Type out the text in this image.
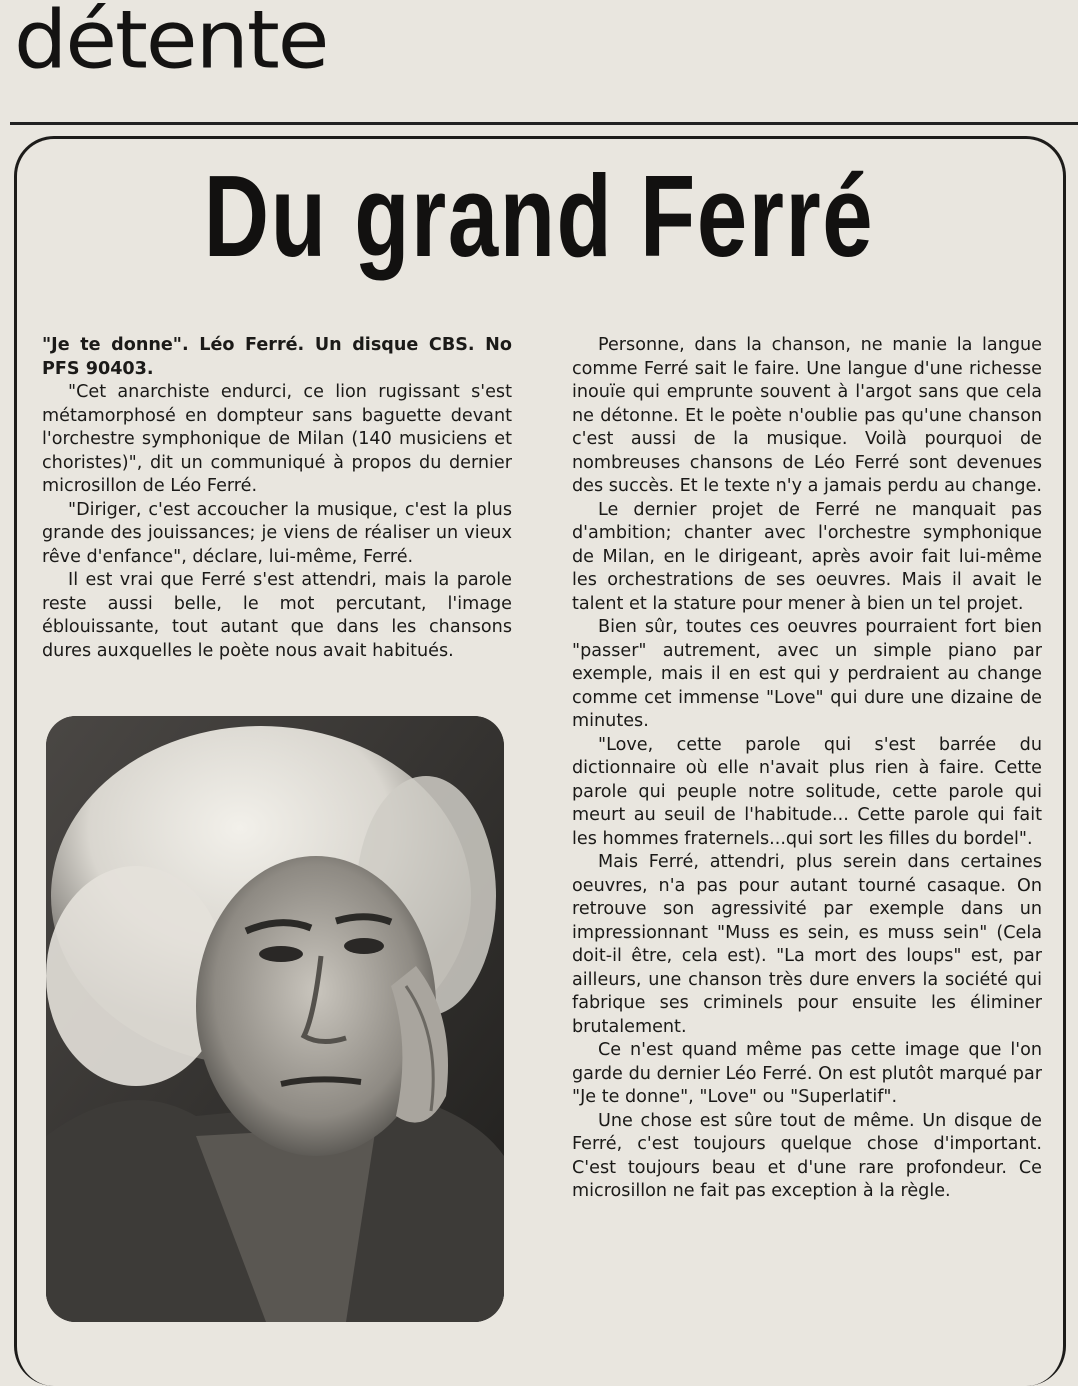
détente
Du grand Ferré

"Je te donne". Léo Ferré. Un disque CBS. No PFS 90403.

"Cet anarchiste endurci, ce lion rugissant s'est métamorphosé en dompteur sans baguette devant l'orchestre symphonique de Milan (140 musiciens et choristes)", dit un communiqué à propos du dernier microsillon de Léo Ferré.

"Diriger, c'est accoucher la musique, c'est la plus grande des jouissances; je viens de réaliser un vieux rêve d'enfance", déclare, lui-même, Ferré.

Il est vrai que Ferré s'est attendri, mais la parole reste aussi belle, le mot percutant, l'image éblouissante, tout autant que dans les chansons dures auxquelles le poète nous avait habitués.

Personne, dans la chanson, ne manie la langue comme Ferré sait le faire. Une langue d'une richesse inouïe qui emprunte souvent à l'argot sans que cela ne détonne. Et le poète n'oublie pas qu'une chanson c'est aussi de la musique. Voilà pourquoi de nombreuses chansons de Léo Ferré sont devenues des succès. Et le texte n'y a jamais perdu au change.

Le dernier projet de Ferré ne manquait pas d'ambition; chanter avec l'orchestre symphonique de Milan, en le dirigeant, après avoir fait lui-même les orchestrations de ses oeuvres. Mais il avait le talent et la stature pour mener à bien un tel projet.

Bien sûr, toutes ces oeuvres pourraient fort bien "passer" autrement, avec un simple piano par exemple, mais il en est qui y perdraient au change comme cet immense "Love" qui dure une dizaine de minutes.

"Love, cette parole qui s'est barrée du dictionnaire où elle n'avait plus rien à faire. Cette parole qui peuple notre solitude, cette parole qui meurt au seuil de l'habitude... Cette parole qui fait les hommes fraternels...qui sort les filles du bordel".

Mais Ferré, attendri, plus serein dans certaines oeuvres, n'a pas pour autant tourné casaque. On retrouve son agressivité par exemple dans un impressionnant "Muss es sein, es muss sein" (Cela doit-il être, cela est). "La mort des loups" est, par ailleurs, une chanson très dure envers la société qui fabrique ses criminels pour ensuite les éliminer brutalement.

Ce n'est quand même pas cette image que l'on garde du dernier Léo Ferré. On est plutôt marqué par "Je te donne", "Love" ou "Superlatif".

Une chose est sûre tout de même. Un disque de Ferré, c'est toujours quelque chose d'important. C'est toujours beau et d'une rare profondeur. Ce microsillon ne fait pas exception à la règle.
